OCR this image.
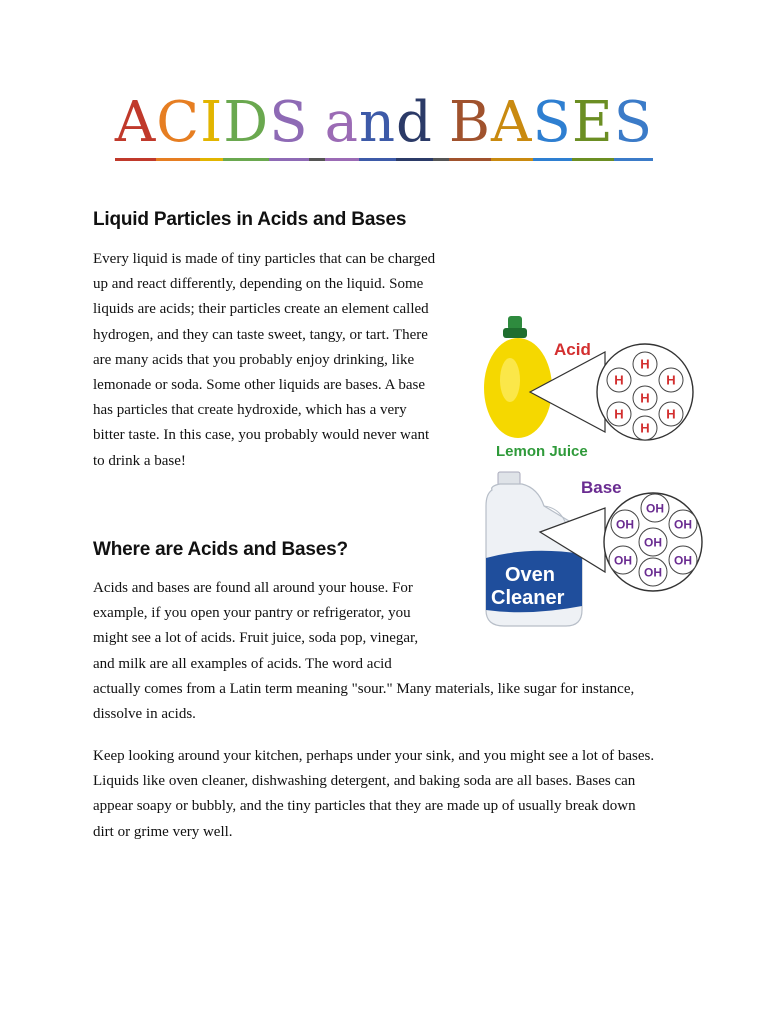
ACIDS and BASES
Liquid Particles in Acids and Bases
Every liquid is made of tiny particles that can be charged
up and react differently, depending on the liquid. Some
liquids are acids; their particles create an element called
hydrogen, and they can taste sweet, tangy, or tart. There
are many acids that you probably enjoy drinking, like
lemonade or soda. Some other liquids are bases. A base
has particles that create hydroxide, which has a very
bitter taste. In this case, you probably would never want
to drink a base!
Where are Acids and Bases?
Acids and bases are found all around your house. For
example, if you open your pantry or refrigerator, you
might see a lot of acids. Fruit juice, soda pop, vinegar,
and milk are all examples of acids. The word acid
actually comes from a Latin term meaning "sour." Many materials, like sugar for instance,
dissolve in acids.
Keep looking around your kitchen, perhaps under your sink, and you might see a lot of bases.
Liquids like oven cleaner, dishwashing detergent, and baking soda are all bases. Bases can
appear soapy or bubbly, and the tiny particles that they are made up of usually break down
dirt or grime very well.
Acid
H
H	H
H
H	H
H
Lemon Juice
Oven
Cleaner
Base
OH
OH	OH
OH
OH	OH
OH
